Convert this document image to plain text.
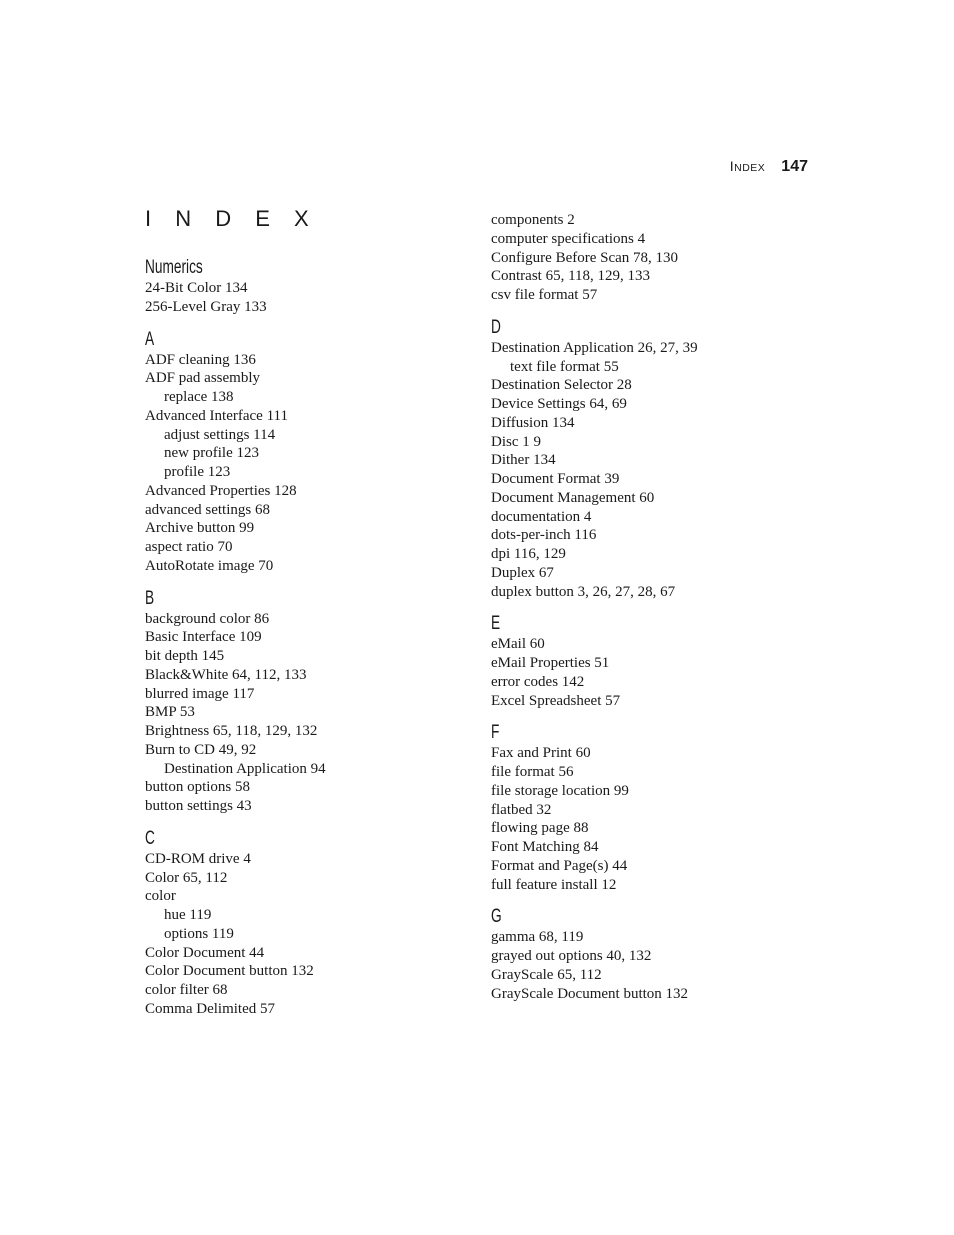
INDEX 147
I N D E X
Numerics
24-Bit Color 134
256-Level Gray 133
A
ADF cleaning 136
ADF pad assembly
replace 138
Advanced Interface 111
adjust settings 114
new profile 123
profile 123
Advanced Properties 128
advanced settings 68
Archive button 99
aspect ratio 70
AutoRotate image 70
B
background color 86
Basic Interface 109
bit depth 145
Black&White 64, 112, 133
blurred image 117
BMP 53
Brightness 65, 118, 129, 132
Burn to CD 49, 92
Destination Application 94
button options 58
button settings 43
C
CD-ROM drive 4
Color 65, 112
color
hue 119
options 119
Color Document 44
Color Document button 132
color filter 68
Comma Delimited 57
components 2
computer specifications 4
Configure Before Scan 78, 130
Contrast 65, 118, 129, 133
csv file format 57
D
Destination Application 26, 27, 39
text file format 55
Destination Selector 28
Device Settings 64, 69
Diffusion 134
Disc 1 9
Dither 134
Document Format 39
Document Management 60
documentation 4
dots-per-inch 116
dpi 116, 129
Duplex 67
duplex button 3, 26, 27, 28, 67
E
eMail 60
eMail Properties 51
error codes 142
Excel Spreadsheet 57
F
Fax and Print 60
file format 56
file storage location 99
flatbed 32
flowing page 88
Font Matching 84
Format and Page(s) 44
full feature install 12
G
gamma 68, 119
grayed out options 40, 132
GrayScale 65, 112
GrayScale Document button 132
